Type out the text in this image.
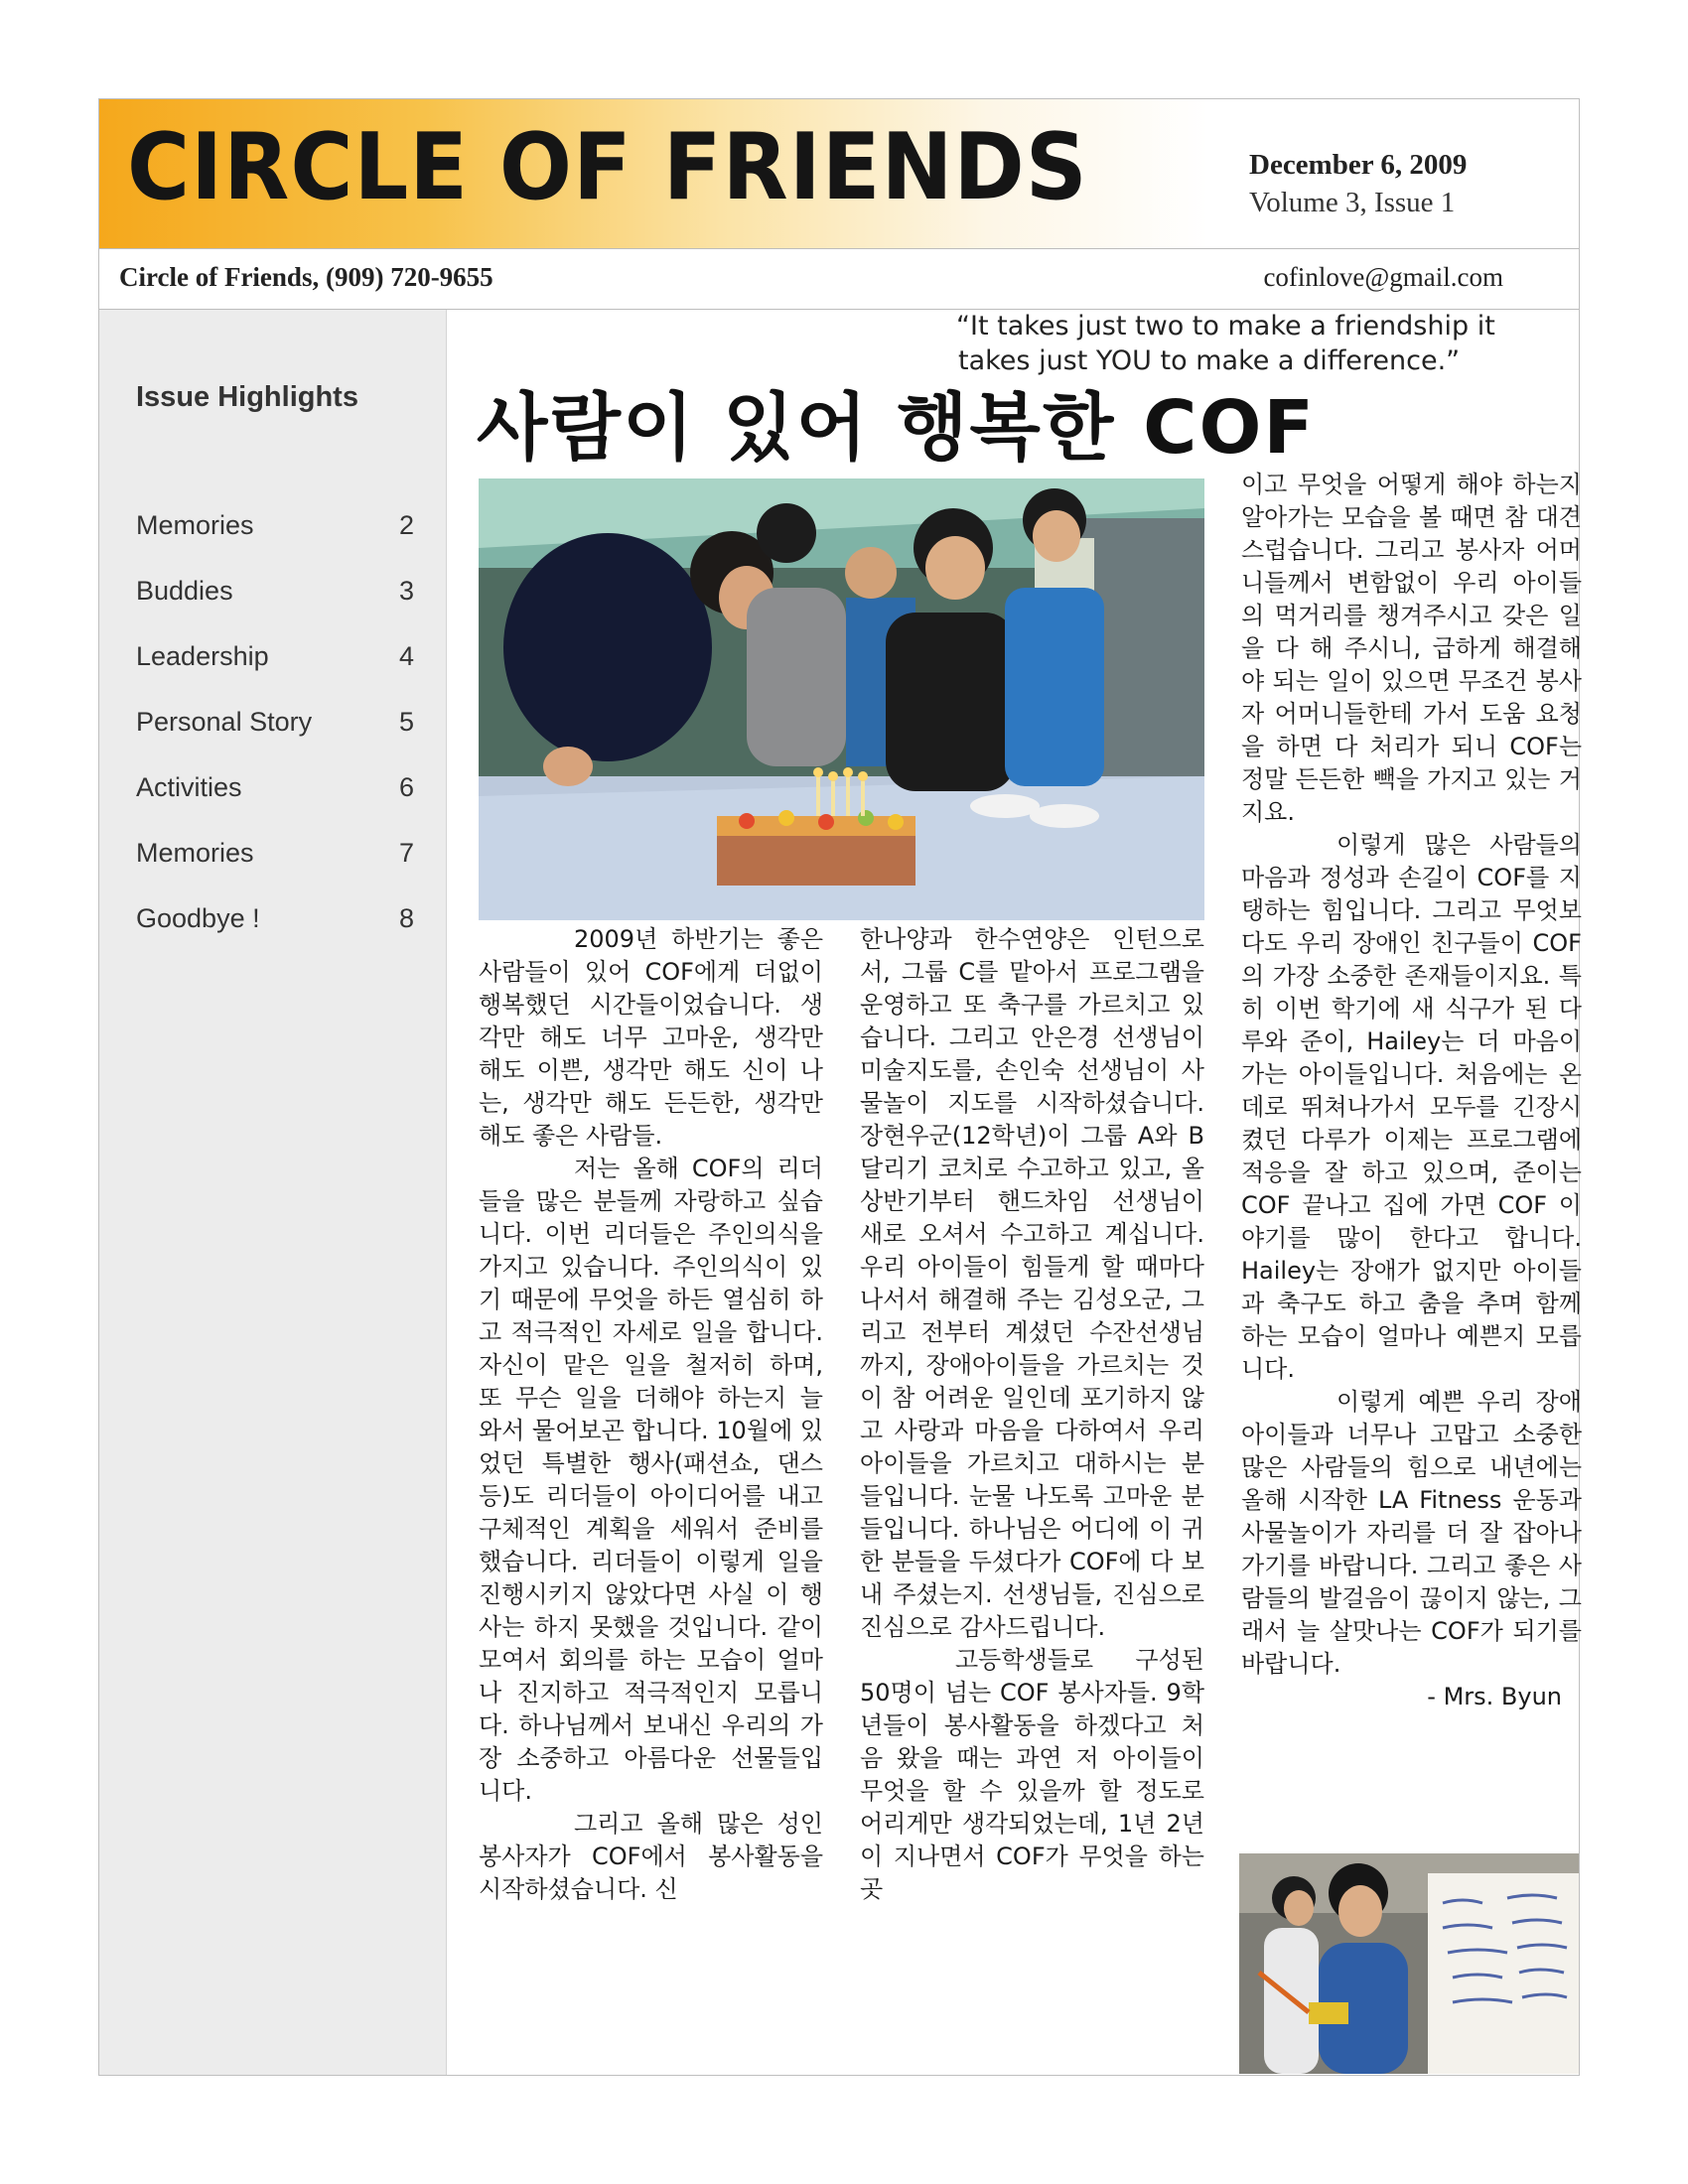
CIRCLE OF FRIENDS	December 6, 2009
Volume 3, Issue 1
Circle of Friends, (909) 720-9655	cofinlove@gmail.com
Issue Highlights
Memories	2
Buddies	3
Leadership	4
Personal Story	5
Activities	6
Memories	7
Goodbye !	8
“It takes just two to make a friendship it
takes just YOU to make a difference.”
사람이 있어 행복한 COF

2009년 하반기는 좋은 사람들이 있어 COF에게 더없이 행복했던 시간들이었습니다. 생각만 해도 너무 고마운, 생각만 해도 이쁜, 생각만 해도 신이 나는, 생각만 해도 든든한, 생각만 해도 좋은 사람들.

저는 올해 COF의 리더들을 많은 분들께 자랑하고 싶습니다. 이번 리더들은 주인의식을 가지고 있습니다. 주인의식이 있기 때문에 무엇을 하든 열심히 하고 적극적인 자세로 일을 합니다. 자신이 맡은 일을 철저히 하며, 또 무슨 일을 더해야 하는지 늘 와서 물어보곤 합니다. 10월에 있었던 특별한 행사(패션쇼, 댄스 등)도 리더들이 아이디어를 내고 구체적인 계획을 세워서 준비를 했습니다. 리더들이 이렇게 일을 진행시키지 않았다면 사실 이 행사는 하지 못했을 것입니다. 같이 모여서 회의를 하는 모습이 얼마나 진지하고 적극적인지 모릅니다. 하나님께서 보내신 우리의 가장 소중하고 아름다운 선물들입니다.

그리고 올해 많은 성인 봉사자가 COF에서 봉사활동을 시작하셨습니다. 신

한나양과 한수연양은 인턴으로서, 그룹 C를 맡아서 프로그램을 운영하고 또 축구를 가르치고 있습니다. 그리고 안은경 선생님이 미술지도를, 손인숙 선생님이 사물놀이 지도를 시작하셨습니다. 장현우군(12학년)이 그룹 A와 B 달리기 코치로 수고하고 있고, 올 상반기부터 핸드차임 선생님이 새로 오셔서 수고하고 계십니다. 우리 아이들이 힘들게 할 때마다 나서서 해결해 주는 김성오군, 그리고 전부터 계셨던 수잔선생님까지, 장애아이들을 가르치는 것이 참 어려운 일인데 포기하지 않고 사랑과 마음을 다하여서 우리 아이들을 가르치고 대하시는 분들입니다. 눈물 나도록 고마운 분들입니다. 하나님은 어디에 이 귀한 분들을 두셨다가 COF에 다 보내 주셨는지. 선생님들, 진심으로 진심으로 감사드립니다.

고등학생들로 구성된 50명이 넘는 COF 봉사자들. 9학년들이 봉사활동을 하겠다고 처음 왔을 때는 과연 저 아이들이 무엇을 할 수 있을까 할 정도로 어리게만 생각되었는데, 1년 2년이 지나면서 COF가 무엇을 하는 곳

이고 무엇을 어떻게 해야 하는지 알아가는 모습을 볼 때면 참 대견스럽습니다. 그리고 봉사자 어머니들께서 변함없이 우리 아이들의 먹거리를 챙겨주시고 갖은 일을 다 해 주시니, 급하게 해결해야 되는 일이 있으면 무조건 봉사자 어머니들한테 가서 도움 요청을 하면 다 처리가 되니 COF는 정말 든든한 빽을 가지고 있는 거지요.

이렇게 많은 사람들의 마음과 정성과 손길이 COF를 지탱하는 힘입니다. 그리고 무엇보다도 우리 장애인 친구들이 COF의 가장 소중한 존재들이지요. 특히 이번 학기에 새 식구가 된 다루와 준이, Hailey는 더 마음이 가는 아이들입니다. 처음에는 온데로 뛰쳐나가서 모두를 긴장시켰던 다루가 이제는 프로그램에 적응을 잘 하고 있으며, 준이는 COF 끝나고 집에 가면 COF 이야기를 많이 한다고 합니다. Hailey는 장애가 없지만 아이들과 축구도 하고 춤을 추며 함께 하는 모습이 얼마나 예쁜지 모릅니다.

이렇게 예쁜 우리 장애아이들과 너무나 고맙고 소중한 많은 사람들의 힘으로 내년에는 올해 시작한 LA Fitness 운동과 사물놀이가 자리를 더 잘 잡아나가기를 바랍니다. 그리고 좋은 사람들의 발걸음이 끊이지 않는, 그래서 늘 살맛나는 COF가 되기를 바랍니다.

- Mrs. Byun
